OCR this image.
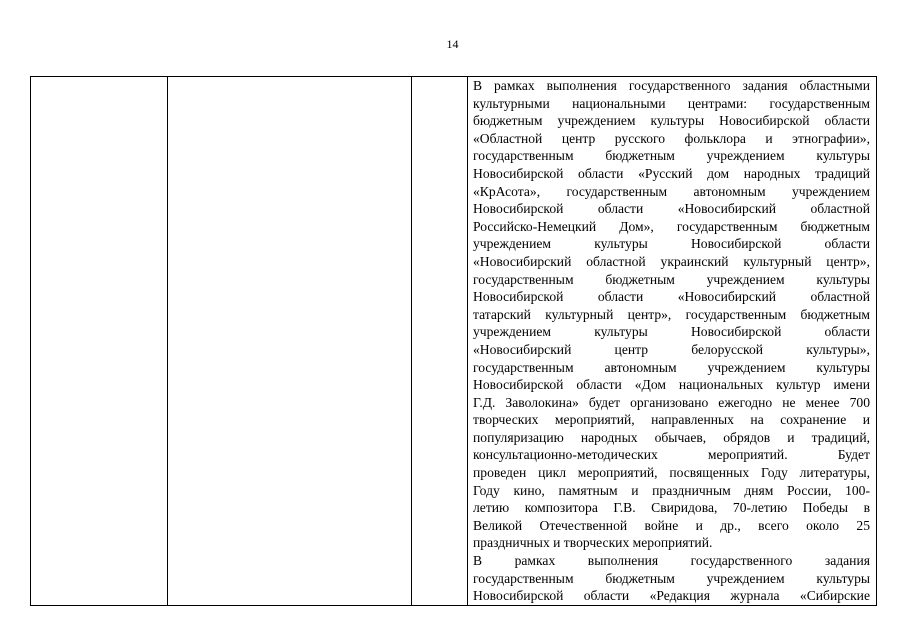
14

В рамках выполнения государственного задания областными
культурными национальными центрами: государственным
бюджетным учреждением культуры Новосибирской области
«Областной центр русского фольклора и этнографии»,
государственным бюджетным учреждением культуры
Новосибирской области «Русский дом народных традиций
«КрАсота», государственным автономным учреждением
Новосибирской области «Новосибирский областной
Российско-Немецкий Дом», государственным бюджетным
учреждением культуры Новосибирской области
«Новосибирский областной украинский культурный центр»,
государственным бюджетным учреждением культуры
Новосибирской области «Новосибирский областной
татарский культурный центр», государственным бюджетным
учреждением культуры Новосибирской области
«Новосибирский центр белорусской культуры»,
государственным автономным учреждением культуры
Новосибирской области «Дом национальных культур имени
Г.Д. Заволокина» будет организовано ежегодно не менее 700
творческих мероприятий, направленных на сохранение и
популяризацию народных обычаев, обрядов и традиций,
консультационно-методических мероприятий. Будет
проведен цикл мероприятий, посвященных Году литературы,
Году кино, памятным и праздничным дням России, 100-
летию композитора Г.В. Свиридова, 70-летию Победы в
Великой Отечественной войне и др., всего около 25
праздничных и творческих мероприятий.
В рамках выполнения государственного задания
государственным бюджетным учреждением культуры
Новосибирской области «Редакция журнала «Сибирские
